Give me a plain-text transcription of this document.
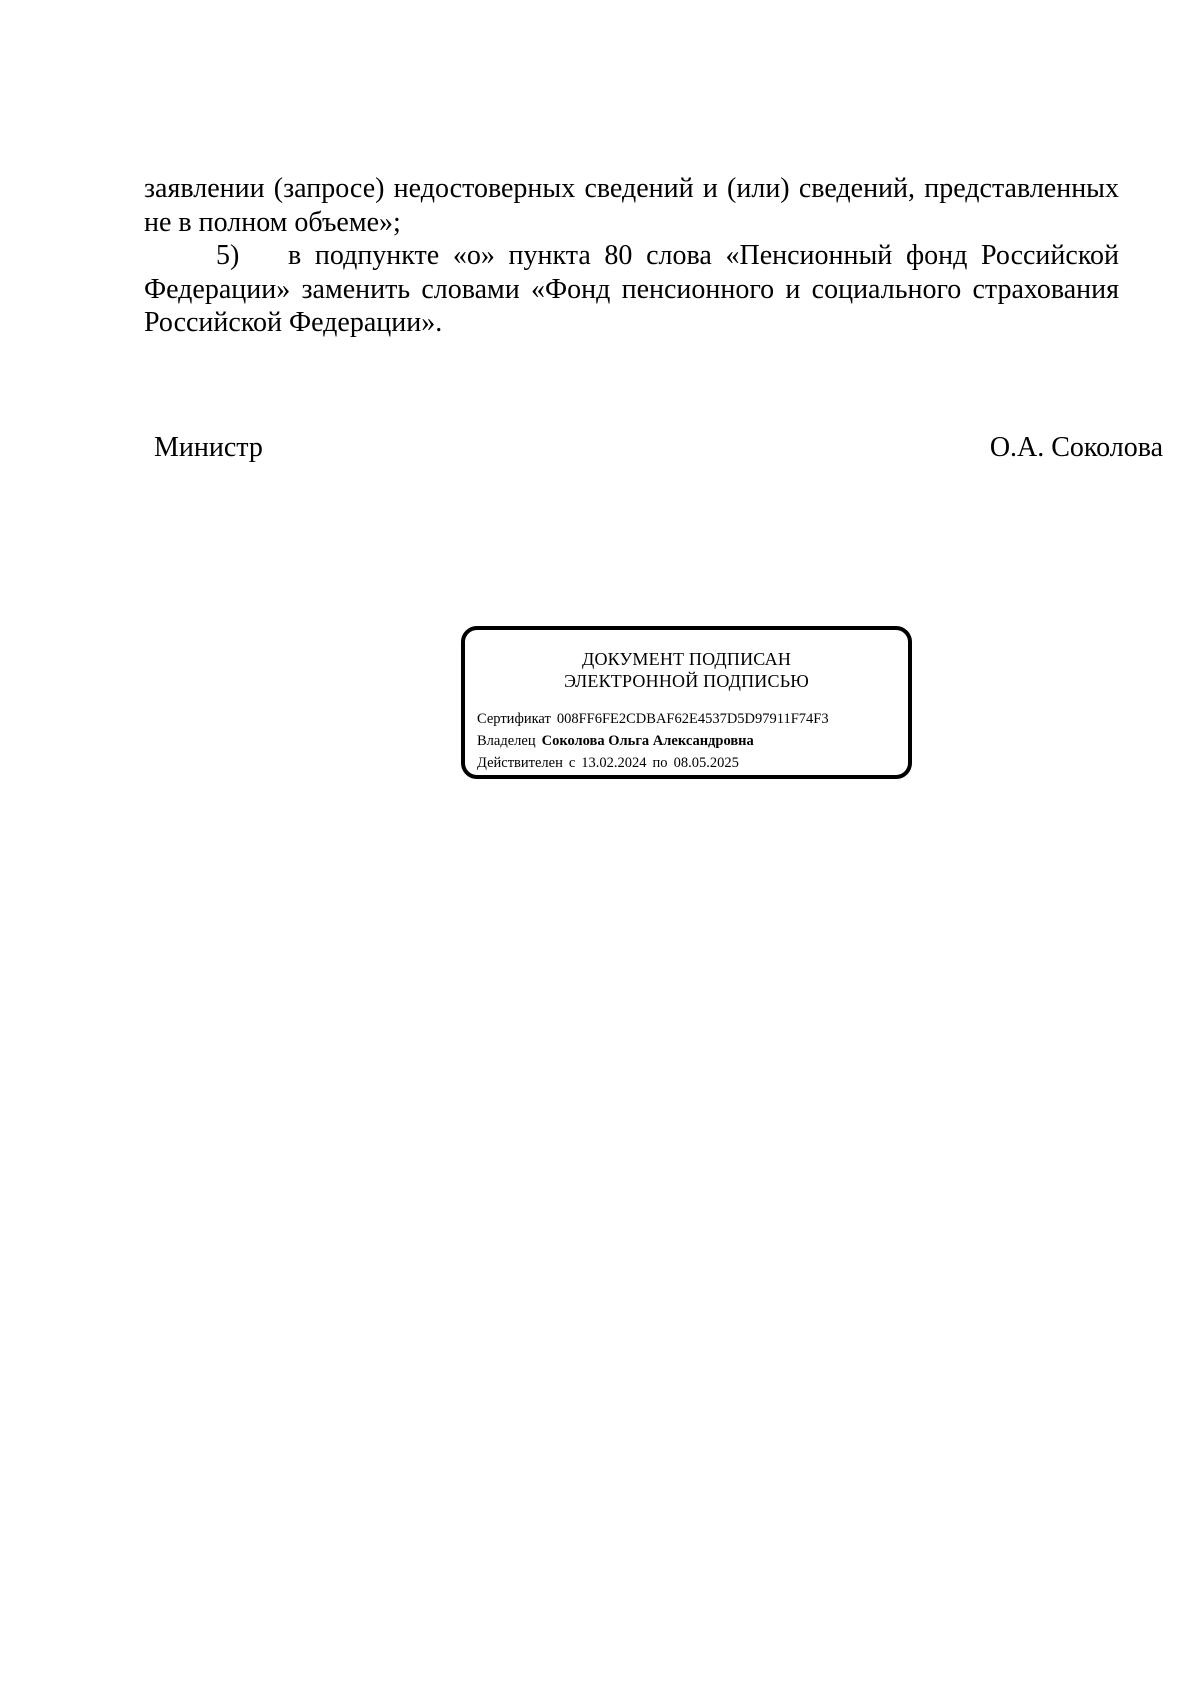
заявлении (запросе) недостоверных сведений и (или) сведений, представленных не в полном объеме»;

5) в подпункте «о» пункта 80 слова «Пенсионный фонд Российской Федерации» заменить словами «Фонд пенсионного и социального страхования Российской Федерации».

Министр	О.А. Соколова
ДОКУМЕНТ ПОДПИСАН
ЭЛЕКТРОННОЙ ПОДПИСЬЮ
Сертификат 008FF6FE2CDBAF62E4537D5D97911F74F3
Владелец Соколова Ольга Александровна
Действителен с 13.02.2024 по 08.05.2025
